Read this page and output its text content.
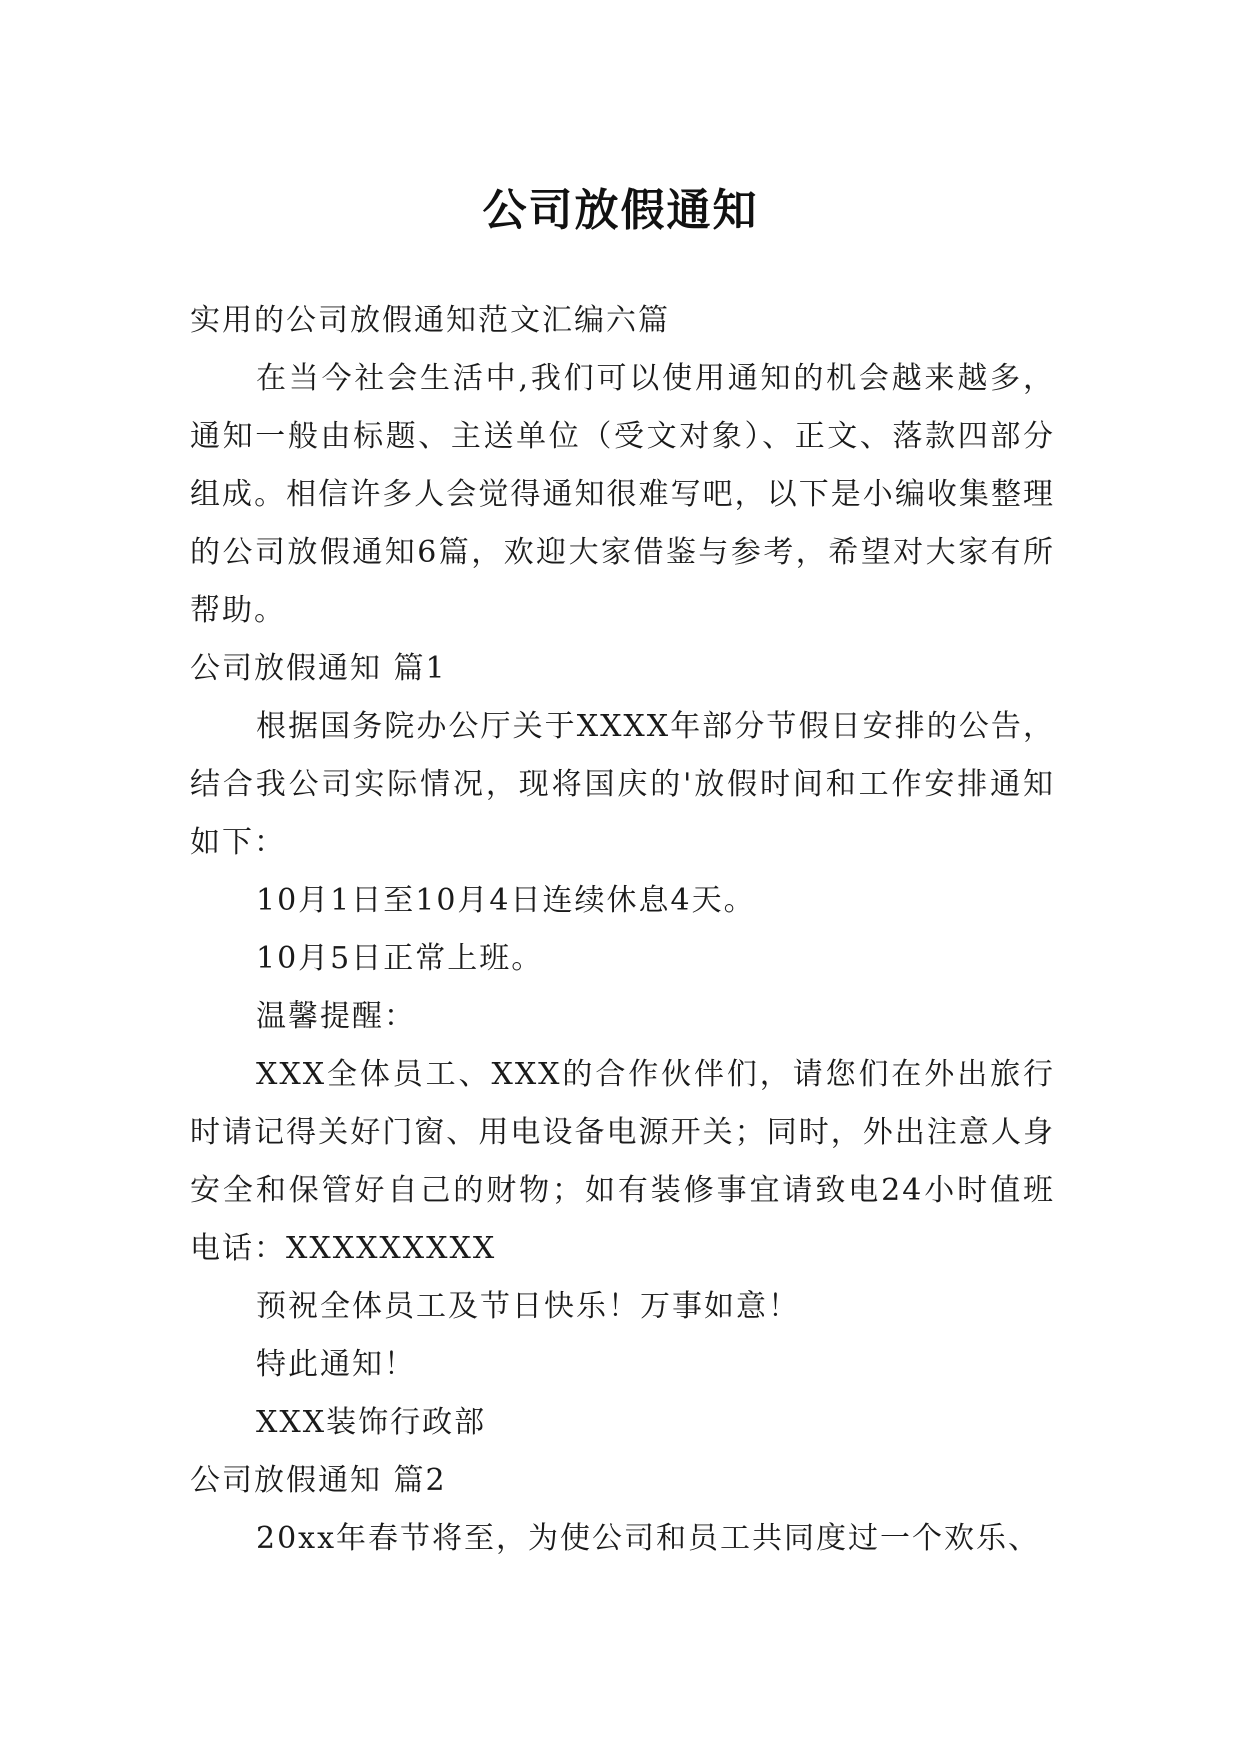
公司放假通知

实用的公司放假通知范文汇编六篇

在当今社会生活中,我们可以使用通知的机会越来越多，通知一般由标题、主送单位（受文对象）、正文、落款四部分组成。相信许多人会觉得通知很难写吧，以下是小编收集整理的公司放假通知6篇，欢迎大家借鉴与参考，希望对大家有所帮助。

公司放假通知 篇1

根据国务院办公厅关于XXXX年部分节假日安排的公告，结合我公司实际情况，现将国庆的'放假时间和工作安排通知如下：

10月1日至10月4日连续休息4天。

10月5日正常上班。

温馨提醒：

XXX全体员工、XXX的合作伙伴们，请您们在外出旅行时请记得关好门窗、用电设备电源开关；同时，外出注意人身安全和保管好自己的财物；如有装修事宜请致电24小时值班电话：XXXXXXXXX

预祝全体员工及节日快乐！万事如意！

特此通知！

XXX装饰行政部

公司放假通知 篇2

20xx年春节将至，为使公司和员工共同度过一个欢乐、
